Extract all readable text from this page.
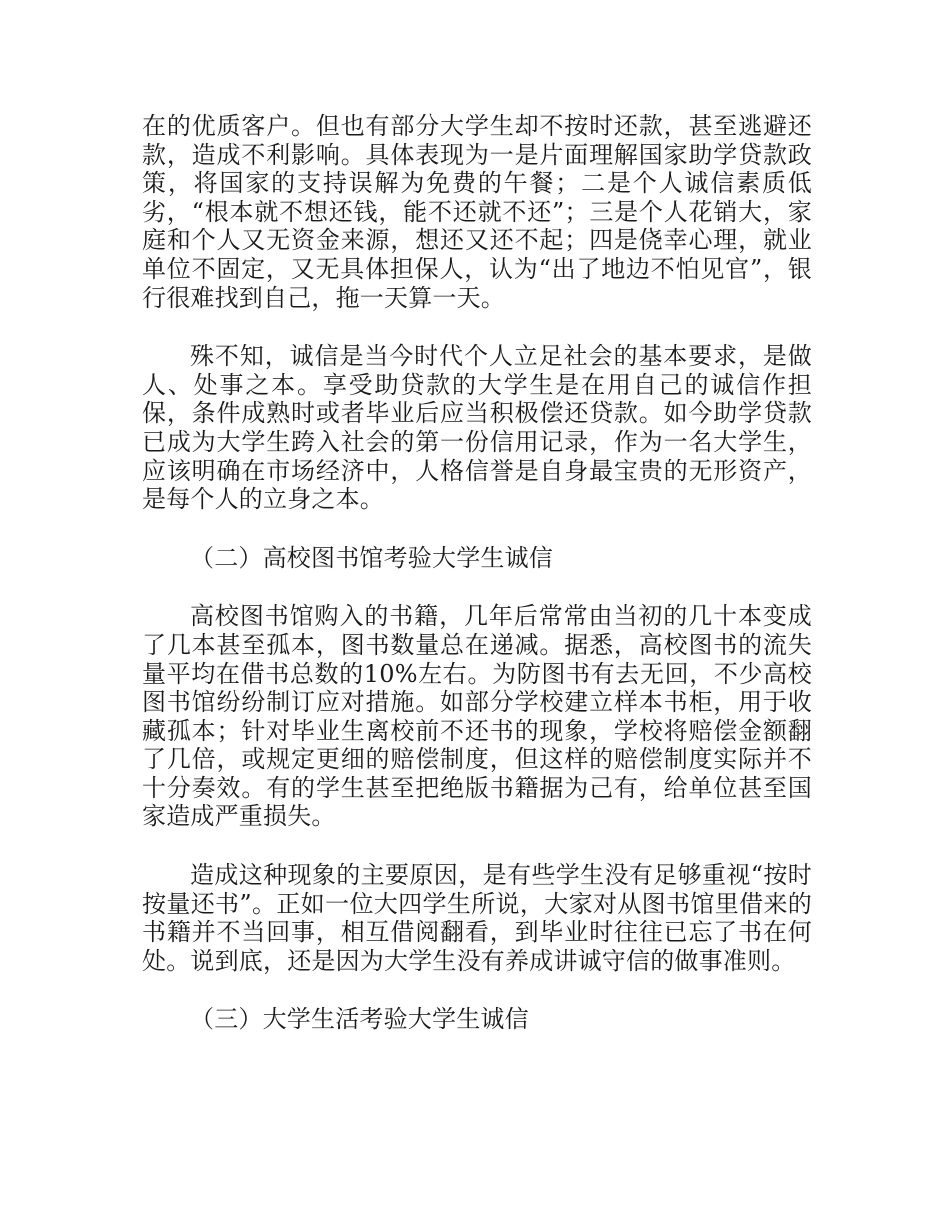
在的优质客户。但也有部分大学生却不按时还款，甚至逃避还款，造成不利影响。具体表现为一是片面理解国家助学贷款政策，将国家的支持误解为免费的午餐；二是个人诚信素质低劣，“根本就不想还钱，能不还就不还”；三是个人花销大，家庭和个人又无资金来源，想还又还不起；四是侥幸心理，就业单位不固定，又无具体担保人，认为“出了地边不怕见官”，银行很难找到自己，拖一天算一天。

殊不知，诚信是当今时代个人立足社会的基本要求，是做人、处事之本。享受助贷款的大学生是在用自己的诚信作担保，条件成熟时或者毕业后应当积极偿还贷款。如今助学贷款已成为大学生跨入社会的第一份信用记录，作为一名大学生，应该明确在市场经济中，人格信誉是自身最宝贵的无形资产，是每个人的立身之本。

（二）高校图书馆考验大学生诚信

高校图书馆购入的书籍，几年后常常由当初的几十本变成了几本甚至孤本，图书数量总在递减。据悉，高校图书的流失量平均在借书总数的10%左右。为防图书有去无回，不少高校图书馆纷纷制订应对措施。如部分学校建立样本书柜，用于收藏孤本；针对毕业生离校前不还书的现象，学校将赔偿金额翻了几倍，或规定更细的赔偿制度，但这样的赔偿制度实际并不十分奏效。有的学生甚至把绝版书籍据为己有，给单位甚至国家造成严重损失。

造成这种现象的主要原因，是有些学生没有足够重视“按时按量还书”。正如一位大四学生所说，大家对从图书馆里借来的书籍并不当回事，相互借阅翻看，到毕业时往往已忘了书在何处。说到底，还是因为大学生没有养成讲诚守信的做事准则。

（三）大学生活考验大学生诚信
